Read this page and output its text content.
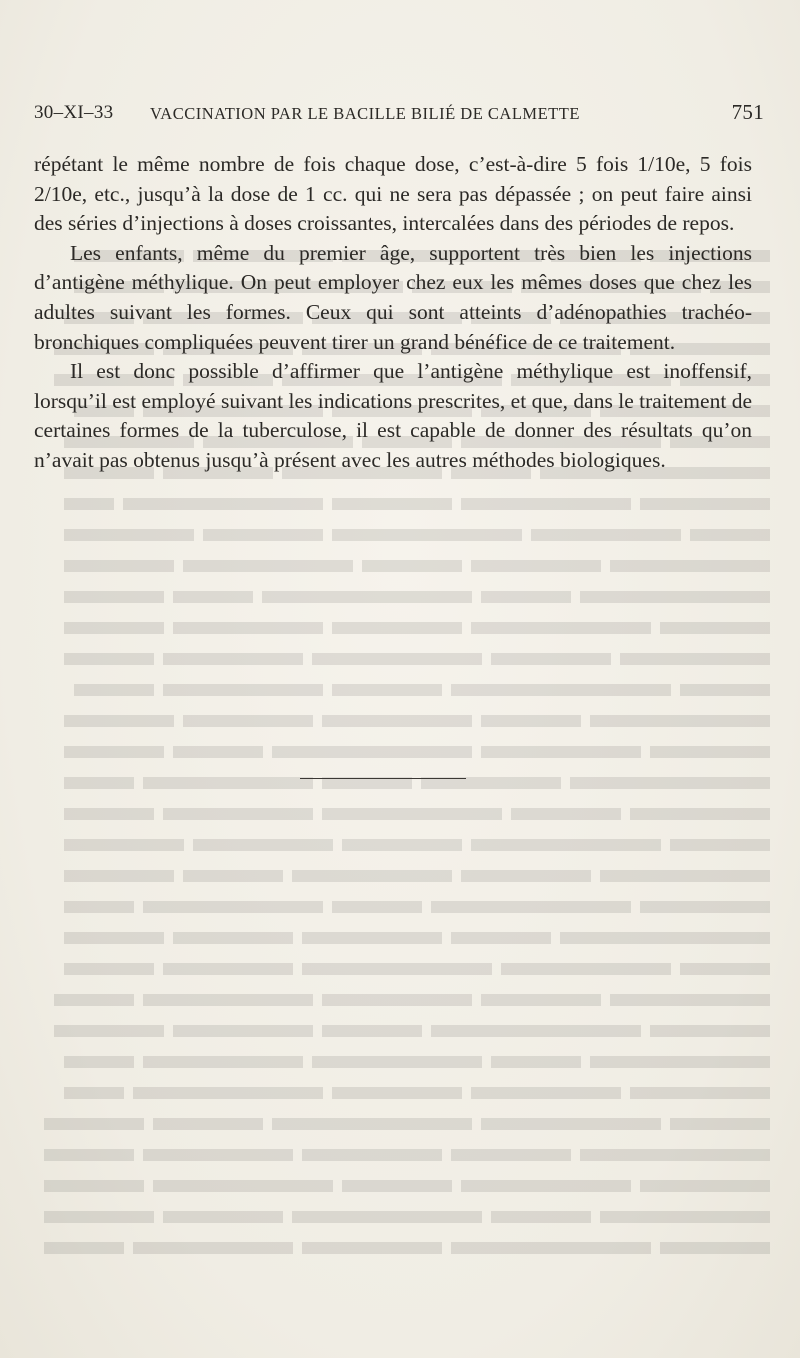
30–XI–33 VACCINATION PAR LE BACILLE BILIÉ DE CALMETTE	751

répétant le même nombre de fois chaque dose, c’est-à-dire 5 fois 1/10e, 5 fois 2/10e, etc., jusqu’à la dose de 1 cc. qui ne sera pas dépassée ; on peut faire ainsi des séries d’injections à doses croissantes, intercalées dans des périodes de repos.

Les enfants, même du premier âge, supportent très bien les injections d’antigène méthylique. On peut employer chez eux les mêmes doses que chez les adultes suivant les formes. Ceux qui sont atteints d’adénopathies trachéo-bronchiques compliquées peuvent tirer un grand bénéfice de ce traitement.

Il est donc possible d’affirmer que l’antigène méthylique est inoffensif, lorsqu’il est employé suivant les indications prescrites, et que, dans le traitement de certaines formes de la tuberculose, il est capable de donner des résultats qu’on n’avait pas obtenus jusqu’à présent avec les autres méthodes biologiques.
